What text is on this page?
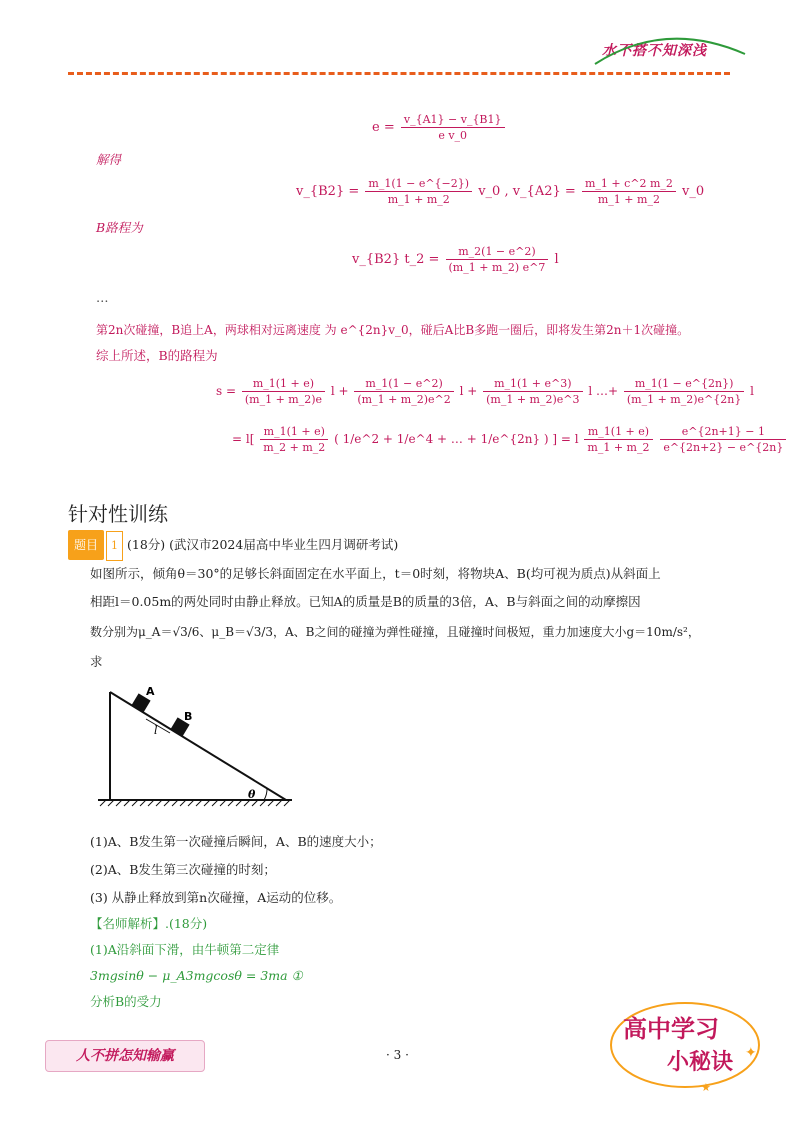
水不搭不知深浅
$e = \frac{v\_\{A1\} - v\_\{B1\}}{\text{e v\_0}}$
解得
v_{B2} = $\frac{m\_1(1 - e\^{}\{-2\})}{m\_1 + m\_2}$ v_0 , v_{A2} = $\frac{m\_1 + c\^{}2 m\_2}{m\_1 + m\_2}$ v_0
B路程为
v_{B2} t_2 = $\frac{m\_2(1 - e\^{}2)}{(m\_1 + m\_2) e\^{}7}$ l
…
第2n次碰撞，B追上A，两球相对远离速度 为 e^{2n}v_0，碰后A比B多跑一圈后，即将发生第2n＋1次碰撞。
综上所述，B的路程为
$s = \frac{m\_1(1 + e)}{(m\_1 + m\_2)e}$ $l + \frac{m\_1(1 - e\^{}2)}{(m\_1 + m\_2)e\^{}2}$ $l + \frac{m\_1(1 + e\^{}3)}{(m\_1 + m\_2)e\^{}3}$ l …+ $\frac{m\_1(1 - e\^{}\{2n\})}{(m\_1 + m\_2)e\^{}\{2n\}}$ l
= $l[ \frac{m\_1(1 + e)}{m\_2 + m\_2}$ ( 1/e^2 + 1/e^4 + … + 1/e^{2n} ) ] = l $\frac{m\_1(1 + e)}{m\_1 + m\_2}$
$\frac{e\^{}\{2n+1\} - 1}{e\^{}\{2n+2\} - e\^{}\{2n\}}$
针对性训练
题目 1 (18分) (武汉市2024届高中毕业生四月调研考试)
如图所示，倾角θ＝30°的足够长斜面固定在水平面上，t＝0时刻，将物块A、B(均可视为质点)从斜面上
相距l＝0.05m的两处同时由静止释放。已知A的质量是B的质量的3倍，A、B与斜面之间的动摩擦因
数分别为μ_A＝√3/6、μ_B＝√3/3，A、B之间的碰撞为弹性碰撞，且碰撞时间极短，重力加速度大小g＝10m/s²，
求
A
B
l
θ
(1)A、B发生第一次碰撞后瞬间，A、B的速度大小；
(2)A、B发生第三次碰撞的时刻；
(3) 从静止释放到第n次碰撞，A运动的位移。
【名师解析】.(18分)
(1)A沿斜面下滑，由牛顿第二定律
3mgsinθ − μ_A3mgcosθ = 3ma ①
分析B的受力
人不拼怎知输赢	· 3 ·	✦
★
高中学习
小秘诀
